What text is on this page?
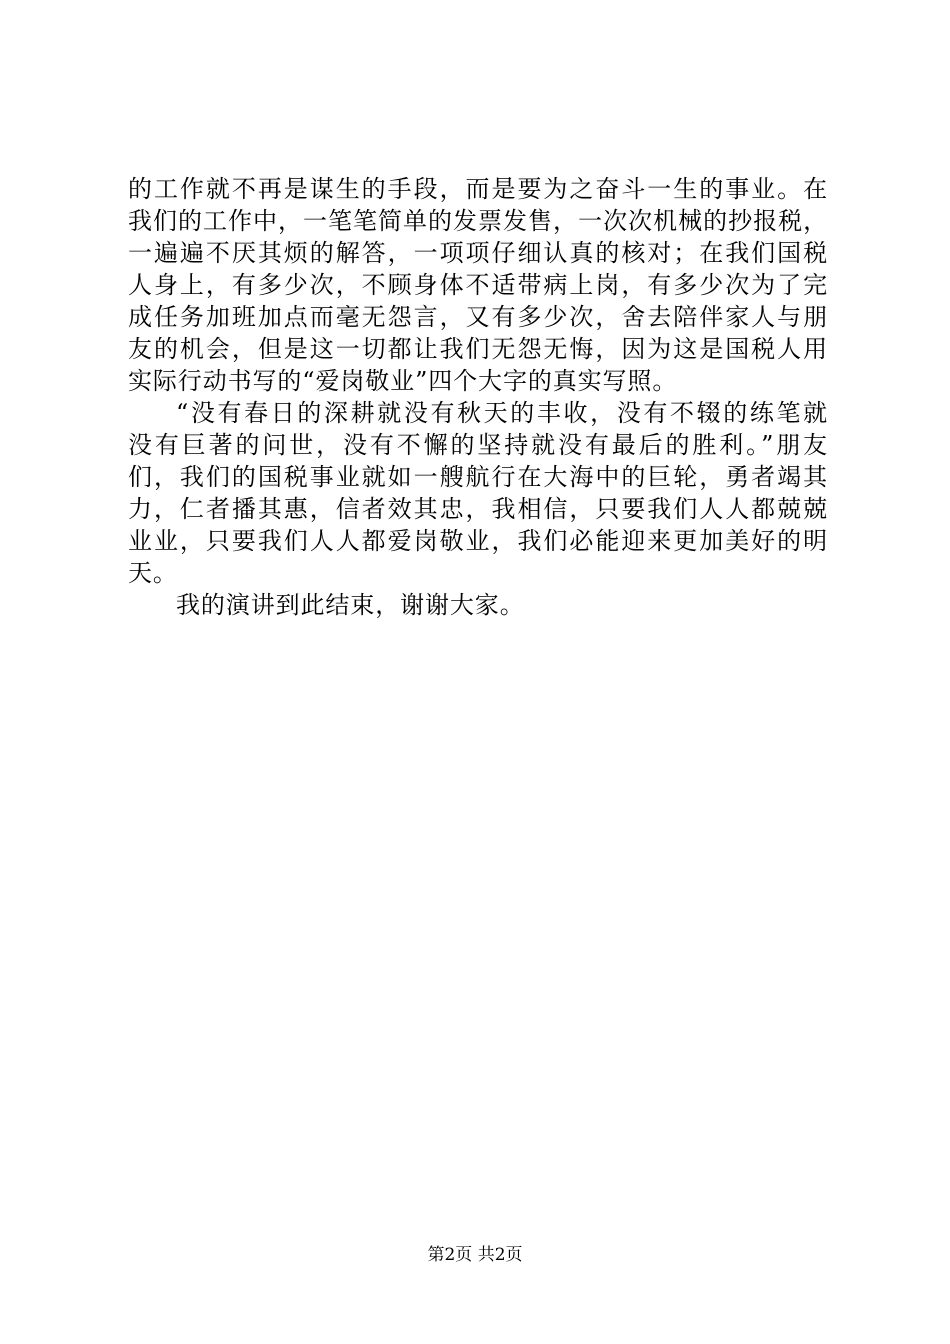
的工作就不再是谋生的手段，而是要为之奋斗一生的事业。在
我们的工作中，一笔笔简单的发票发售，一次次机械的抄报税，
一遍遍不厌其烦的解答，一项项仔细认真的核对；在我们国税
人身上，有多少次，不顾身体不适带病上岗，有多少次为了完
成任务加班加点而毫无怨言，又有多少次，舍去陪伴家人与朋
友的机会，但是这一切都让我们无怨无悔，因为这是国税人用
实际行动书写的“爱岗敬业”四个大字的真实写照。
“没有春日的深耕就没有秋天的丰收，没有不辍的练笔就
没有巨著的问世，没有不懈的坚持就没有最后的胜利。”朋友
们，我们的国税事业就如一艘航行在大海中的巨轮，勇者竭其
力，仁者播其惠，信者效其忠，我相信，只要我们人人都兢兢
业业，只要我们人人都爱岗敬业，我们必能迎来更加美好的明
天。
我的演讲到此结束，谢谢大家。
第2页 共2页
